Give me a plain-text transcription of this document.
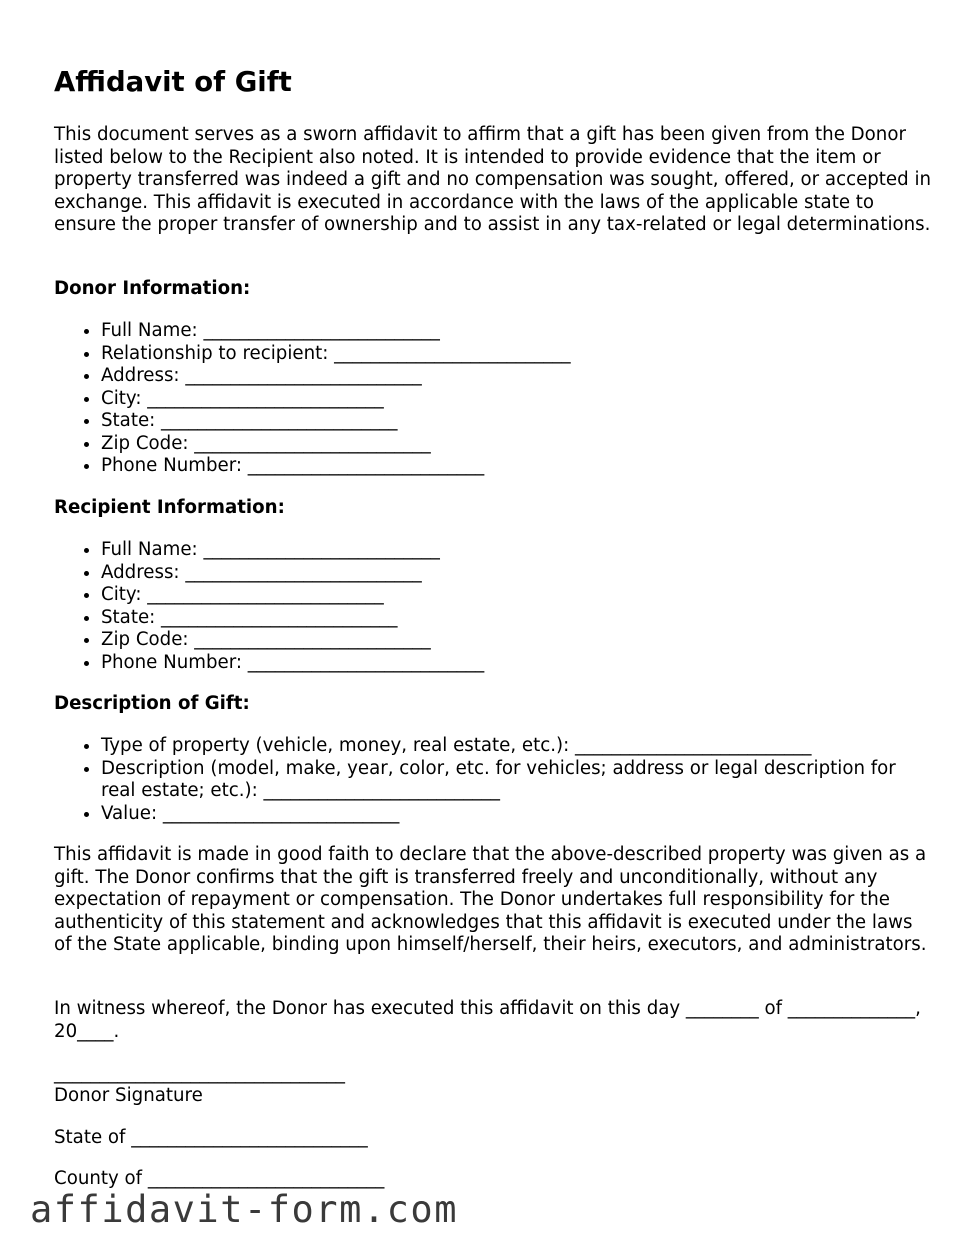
Affidavit of Gift

This document serves as a sworn affidavit to affirm that a gift has been given from the Donor listed below to the Recipient also noted. It is intended to provide evidence that the item or property transferred was indeed a gift and no compensation was sought, offered, or accepted in exchange. This affidavit is executed in accordance with the laws of the applicable state to ensure the proper transfer of ownership and to assist in any tax-related or legal determinations.

Donor Information:

• Full Name: __________________________
• Relationship to recipient: __________________________
• Address: __________________________
• City: __________________________
• State: __________________________
• Zip Code: __________________________
• Phone Number: __________________________

Recipient Information:

• Full Name: __________________________
• Address: __________________________
• City: __________________________
• State: __________________________
• Zip Code: __________________________
• Phone Number: __________________________

Description of Gift:

• Type of property (vehicle, money, real estate, etc.): __________________________
• Description (model, make, year, color, etc. for vehicles; address or legal description for real estate; etc.): __________________________
• Value: __________________________

This affidavit is made in good faith to declare that the above-described property was given as a gift. The Donor confirms that the gift is transferred freely and unconditionally, without any expectation of repayment or compensation. The Donor undertakes full responsibility for the authenticity of this statement and acknowledges that this affidavit is executed under the laws of the State applicable, binding upon himself/herself, their heirs, executors, and administrators.

In witness whereof, the Donor has executed this affidavit on this day ________ of ______________, 20____.

________________________________

Donor Signature

State of __________________________

County of __________________________

affidavit-form.com
